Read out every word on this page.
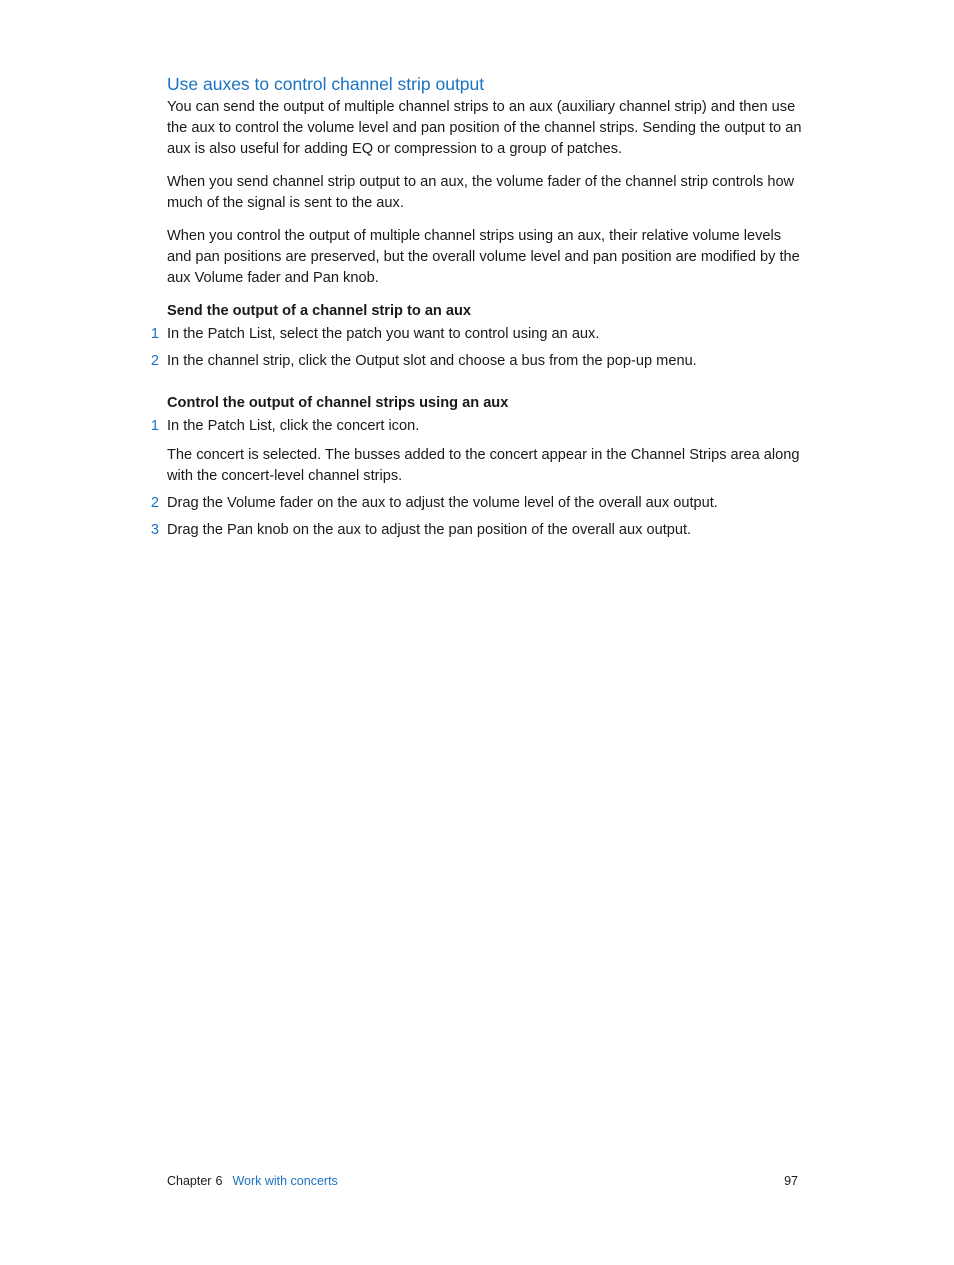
Use auxes to control channel strip output

You can send the output of multiple channel strips to an aux (auxiliary channel strip) and then use the aux to control the volume level and pan position of the channel strips. Sending the output to an aux is also useful for adding EQ or compression to a group of patches.

When you send channel strip output to an aux, the volume fader of the channel strip controls how much of the signal is sent to the aux.

When you control the output of multiple channel strips using an aux, their relative volume levels and pan positions are preserved, but the overall volume level and pan position are modified by the aux Volume fader and Pan knob.

Send the output of a channel strip to an aux
1 In the Patch List, select the patch you want to control using an aux.
2 In the channel strip, click the Output slot and choose a bus from the pop-up menu.
Control the output of channel strips using an aux
1 In the Patch List, click the concert icon.
The concert is selected. The busses added to the concert appear in the Channel Strips area along with the concert-level channel strips.
2 Drag the Volume fader on the aux to adjust the volume level of the overall aux output.
3 Drag the Pan knob on the aux to adjust the pan position of the overall aux output.
Chapter 6 Work with concerts	97
